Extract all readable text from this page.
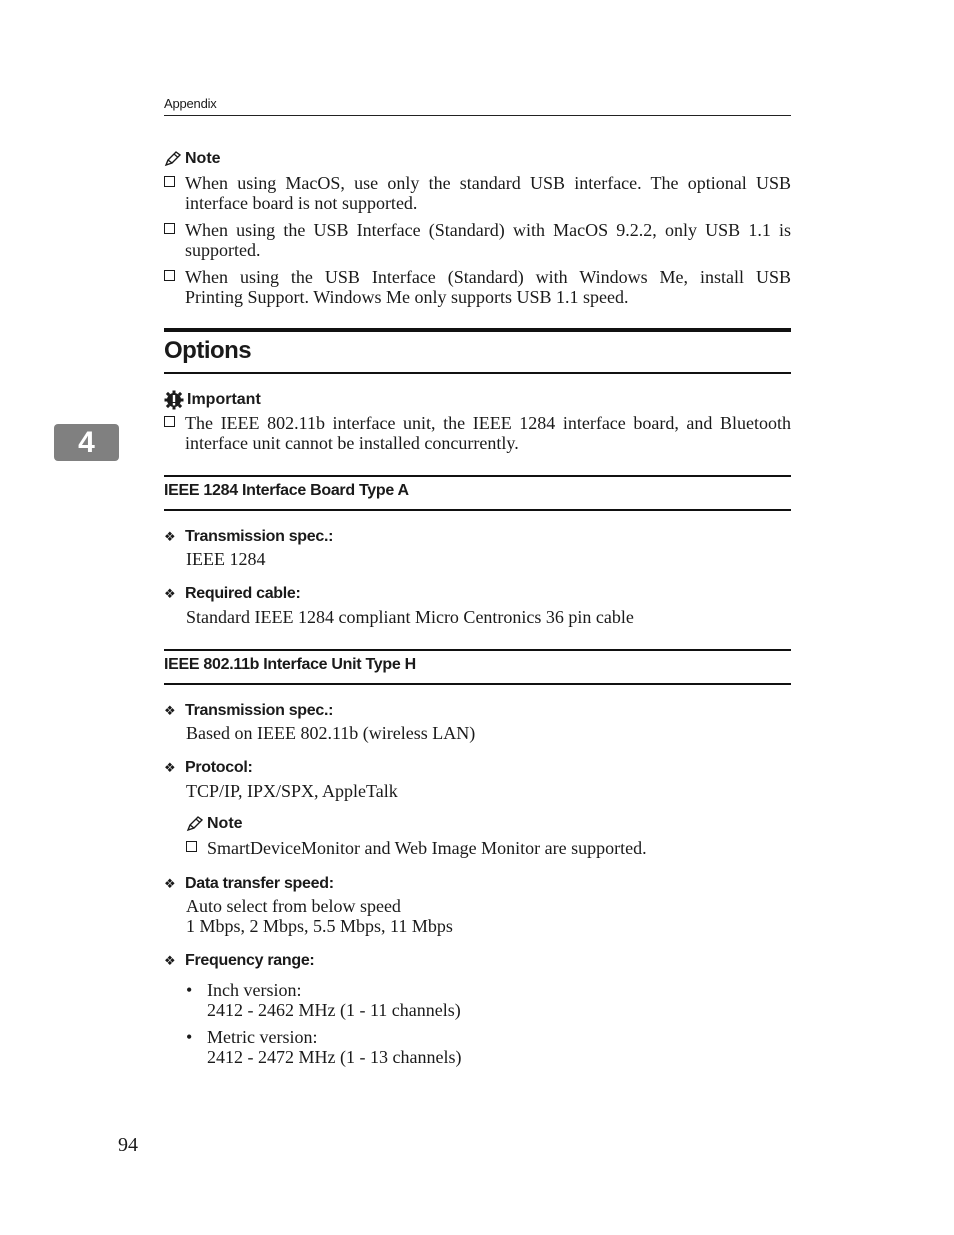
Appendix
Note
When using MacOS, use only the standard USB interface. The optional USB
interface board is not supported.
When using the USB Interface (Standard) with MacOS 9.2.2, only USB 1.1 is
supported.
When using the USB Interface (Standard) with Windows Me, install USB
Printing Support. Windows Me only supports USB 1.1 speed.
Options
Important
The IEEE 802.11b interface unit, the IEEE 1284 interface board, and Bluetooth
interface unit cannot be installed concurrently.
IEEE 1284 Interface Board Type A
❖ Transmission spec.:
IEEE 1284
❖ Required cable:
Standard IEEE 1284 compliant Micro Centronics 36 pin cable
IEEE 802.11b Interface Unit Type H
❖ Transmission spec.:
Based on IEEE 802.11b (wireless LAN)
❖ Protocol:
TCP/IP, IPX/SPX, AppleTalk
Note
SmartDeviceMonitor and Web Image Monitor are supported.
❖ Data transfer speed:
Auto select from below speed
1 Mbps, 2 Mbps, 5.5 Mbps, 11 Mbps
❖ Frequency range:
• Inch version:
2412 - 2462 MHz (1 - 11 channels)
• Metric version:
2412 - 2472 MHz (1 - 13 channels)
4
94
